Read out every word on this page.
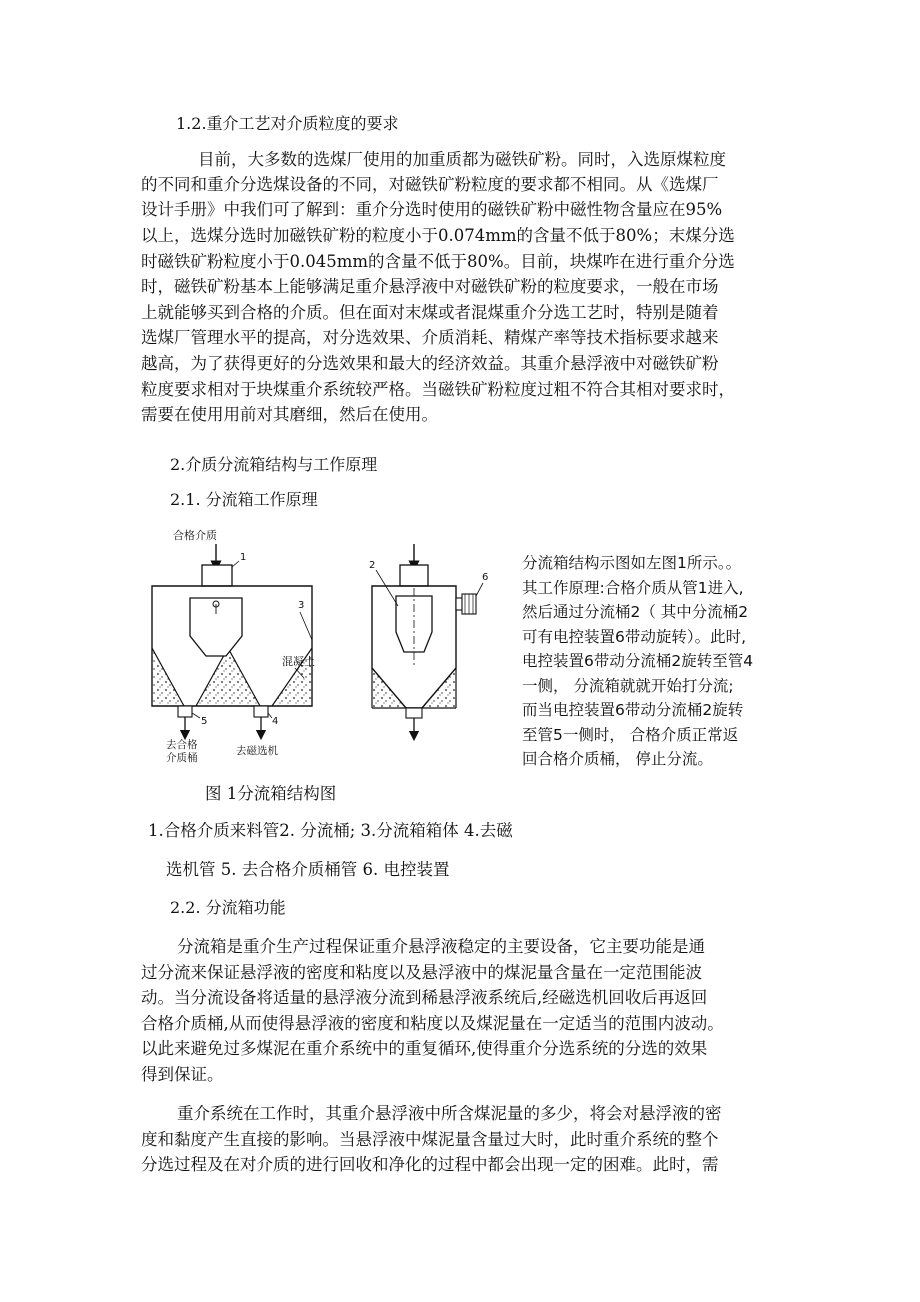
1.2.重介工艺对介质粒度的要求
目前，大多数的选煤厂使用的加重质都为磁铁矿粉。同时，入选原煤粒度
的不同和重介分选煤设备的不同，对磁铁矿粉粒度的要求都不相同。从《选煤厂
设计手册》中我们可了解到：重介分选时使用的磁铁矿粉中磁性物含量应在95%
以上，选煤分选时加磁铁矿粉的粒度小于0.074mm的含量不低于80%；末煤分选
时磁铁矿粉粒度小于0.045mm的含量不低于80%。目前，块煤咋在进行重介分选
时，磁铁矿粉基本上能够满足重介悬浮液中对磁铁矿粉的粒度要求，一般在市场
上就能够买到合格的介质。但在面对末煤或者混煤重介分选工艺时，特别是随着
选煤厂管理水平的提高，对分选效果、介质消耗、精煤产率等技术指标要求越来
越高，为了获得更好的分选效果和最大的经济效益。其重介悬浮液中对磁铁矿粉
粒度要求相对于块煤重介系统较严格。当磁铁矿粉粒度过粗不符合其相对要求时，
需要在使用用前对其磨细，然后在使用。
2.介质分流箱结构与工作原理
2.1. 分流箱工作原理
合格介质
1
3
混凝土
5	4
去合格
介质桶
去磁选机
2
6
分流箱结构示图如左图1所示。。
其工作原理:合格介质从管1进入,
然后通过分流桶2（ 其中分流桶2
可有电控装置6带动旋转）。此时,
电控装置6带动分流桶2旋转至管4
一侧， 分流箱就就开始打分流;
而当电控装置6带动分流桶2旋转
至管5一侧时， 合格介质正常返
回合格介质桶， 停止分流。
图 1分流箱结构图
1.合格介质来料管2. 分流桶; 3.分流箱箱体 4.去磁
选机管 5. 去合格介质桶管 6. 电控装置
2.2. 分流箱功能
分流箱是重介生产过程保证重介悬浮液稳定的主要设备，它主要功能是通
过分流来保证悬浮液的密度和粘度以及悬浮液中的煤泥量含量在一定范围能波
动。当分流设备将适量的悬浮液分流到稀悬浮液系统后,经磁选机回收后再返回
合格介质桶,从而使得悬浮液的密度和粘度以及煤泥量在一定适当的范围内波动。
以此来避免过多煤泥在重介系统中的重复循环,使得重介分选系统的分选的效果
得到保证。
重介系统在工作时，其重介悬浮液中所含煤泥量的多少，将会对悬浮液的密
度和黏度产生直接的影响。当悬浮液中煤泥量含量过大时，此时重介系统的整个
分选过程及在对介质的进行回收和净化的过程中都会出现一定的困难。此时，需
